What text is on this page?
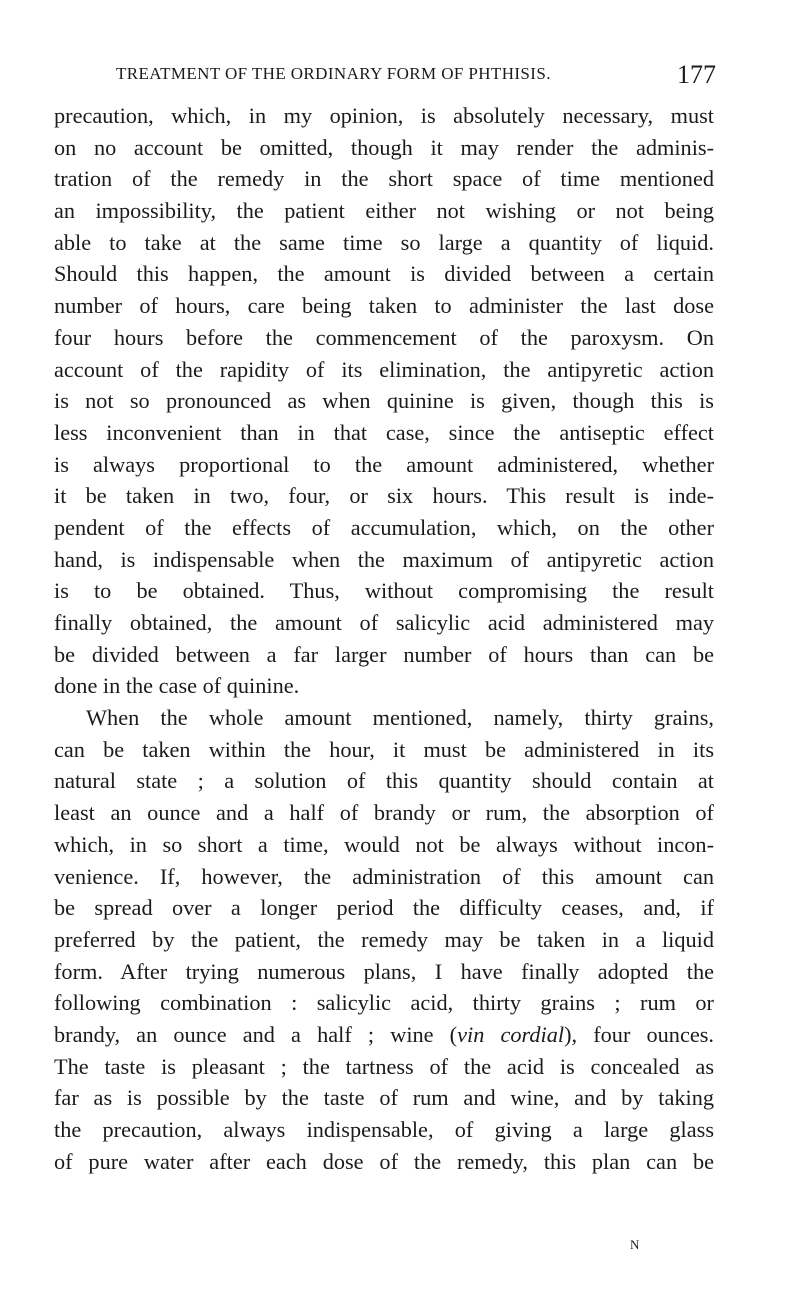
TREATMENT OF THE ORDINARY FORM OF PHTHISIS.	177
precaution, which, in my opinion, is absolutely necessary, must
on no account be omitted, though it may render the adminis-
tration of the remedy in the short space of time mentioned
an impossibility, the patient either not wishing or not being
able to take at the same time so large a quantity of liquid.
Should this happen, the amount is divided between a certain
number of hours, care being taken to administer the last dose
four hours before the commencement of the paroxysm. On
account of the rapidity of its elimination, the antipyretic action
is not so pronounced as when quinine is given, though this is
less inconvenient than in that case, since the antiseptic effect
is always proportional to the amount administered, whether
it be taken in two, four, or six hours. This result is inde-
pendent of the effects of accumulation, which, on the other
hand, is indispensable when the maximum of antipyretic action
is to be obtained. Thus, without compromising the result
finally obtained, the amount of salicylic acid administered may
be divided between a far larger number of hours than can be
done in the case of quinine.
When the whole amount mentioned, namely, thirty grains,
can be taken within the hour, it must be administered in its
natural state ; a solution of this quantity should contain at
least an ounce and a half of brandy or rum, the absorption of
which, in so short a time, would not be always without incon-
venience. If, however, the administration of this amount can
be spread over a longer period the difficulty ceases, and, if
preferred by the patient, the remedy may be taken in a liquid
form. After trying numerous plans, I have finally adopted the
following combination : salicylic acid, thirty grains ; rum or
brandy, an ounce and a half ; wine (vin cordial), four ounces.
The taste is pleasant ; the tartness of the acid is concealed as
far as is possible by the taste of rum and wine, and by taking
the precaution, always indispensable, of giving a large glass
of pure water after each dose of the remedy, this plan can be
N
